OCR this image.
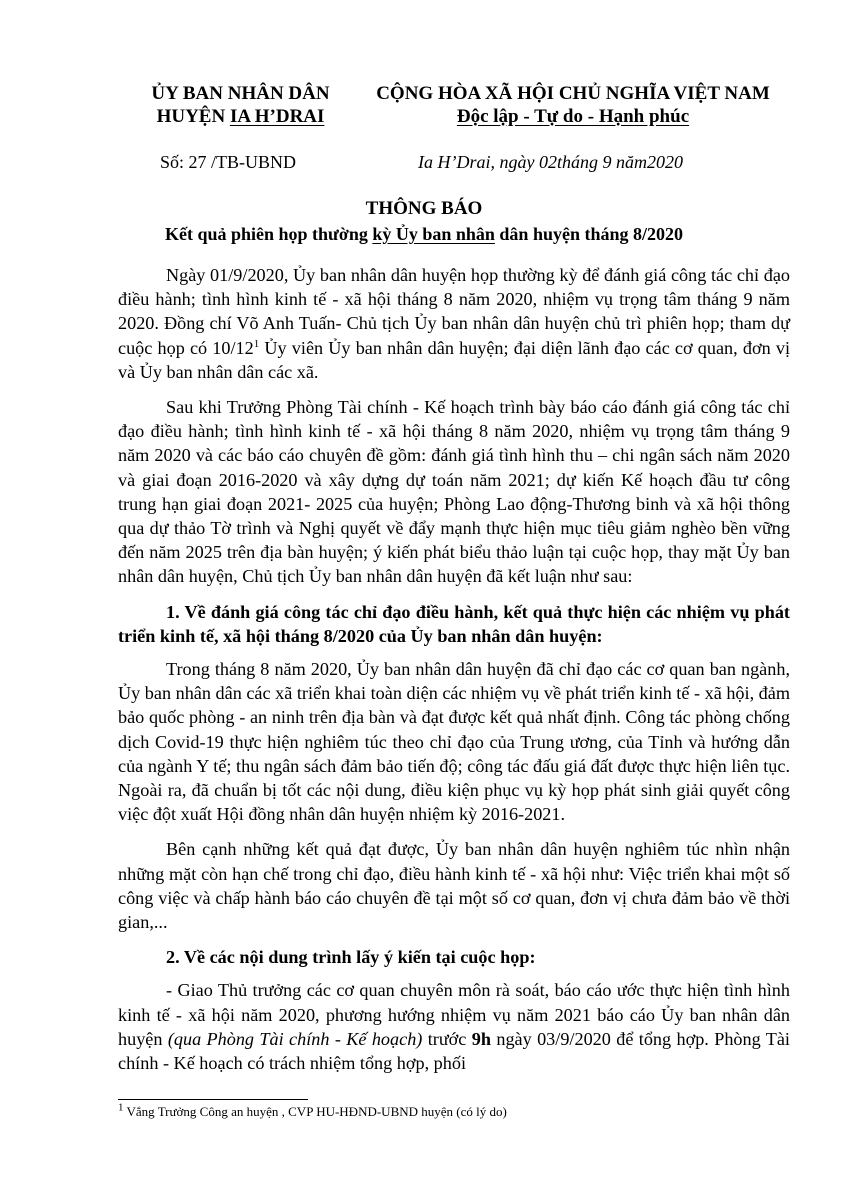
ỦY BAN NHÂN DÂN
HUYỆN IA H’DRAI
CỘNG HÒA XÃ HỘI CHỦ NGHĨA VIỆT NAM
Độc lập - Tự do - Hạnh phúc
Số: 27 /TB-UBND	Ia H’Drai, ngày 02tháng 9 năm2020
THÔNG BÁO
Kết quả phiên họp thường kỳ Ủy ban nhân dân huyện tháng 8/2020

Ngày 01/9/2020, Ủy ban nhân dân huyện họp thường kỳ để đánh giá công tác chỉ đạo điều hành; tình hình kinh tế - xã hội tháng 8 năm 2020, nhiệm vụ trọng tâm tháng 9 năm 2020. Đồng chí Võ Anh Tuấn- Chủ tịch Ủy ban nhân dân huyện chủ trì phiên họp; tham dự cuộc họp có $10/12^1$ Ủy viên Ủy ban nhân dân huyện; đại diện lãnh đạo các cơ quan, đơn vị và Ủy ban nhân dân các xã.

Sau khi Trưởng Phòng Tài chính - Kế hoạch trình bày báo cáo đánh giá công tác chỉ đạo điều hành; tình hình kinh tế - xã hội tháng 8 năm 2020, nhiệm vụ trọng tâm tháng 9 năm 2020 và các báo cáo chuyên đề gồm: đánh giá tình hình thu – chi ngân sách năm 2020 và giai đoạn 2016-2020 và xây dựng dự toán năm 2021; dự kiến Kế hoạch đầu tư công trung hạn giai đoạn 2021- 2025 của huyện; Phòng Lao động-Thương binh và xã hội thông qua dự thảo Tờ trình và Nghị quyết về đẩy mạnh thực hiện mục tiêu giảm nghèo bền vững đến năm 2025 trên địa bàn huyện; ý kiến phát biểu thảo luận tại cuộc họp, thay mặt Ủy ban nhân dân huyện, Chủ tịch Ủy ban nhân dân huyện đã kết luận như sau:

1. Về đánh giá công tác chỉ đạo điều hành, kết quả thực hiện các nhiệm vụ phát triển kinh tế, xã hội tháng 8/2020 của Ủy ban nhân dân huyện:

Trong tháng 8 năm 2020, Ủy ban nhân dân huyện đã chỉ đạo các cơ quan ban ngành, Ủy ban nhân dân các xã triển khai toàn diện các nhiệm vụ về phát triển kinh tế - xã hội, đảm bảo quốc phòng - an ninh trên địa bàn và đạt được kết quả nhất định. Công tác phòng chống dịch Covid-19 thực hiện nghiêm túc theo chỉ đạo của Trung ương, của Tỉnh và hướng dẫn của ngành Y tế; thu ngân sách đảm bảo tiến độ; công tác đấu giá đất được thực hiện liên tục. Ngoài ra, đã chuẩn bị tốt các nội dung, điều kiện phục vụ kỳ họp phát sinh giải quyết công việc đột xuất Hội đồng nhân dân huyện nhiệm kỳ 2016-2021.

Bên cạnh những kết quả đạt được, Ủy ban nhân dân huyện nghiêm túc nhìn nhận những mặt còn hạn chế trong chỉ đạo, điều hành kinh tế - xã hội như: Việc triển khai một số công việc và chấp hành báo cáo chuyên đề tại một số cơ quan, đơn vị chưa đảm bảo về thời gian,...

2. Về các nội dung trình lấy ý kiến tại cuộc họp:

- Giao Thủ trưởng các cơ quan chuyên môn rà soát, báo cáo ước thực hiện tình hình kinh tế - xã hội năm 2020, phương hướng nhiệm vụ năm 2021 báo cáo Ủy ban nhân dân huyện (qua Phòng Tài chính - Kế hoạch) trước 9h ngày 03/9/2020 để tổng hợp. Phòng Tài chính - Kế hoạch có trách nhiệm tổng hợp, phối

$^1$ Vắng Trưởng Công an huyện , CVP HU-HĐND-UBND huyện (có lý do)
